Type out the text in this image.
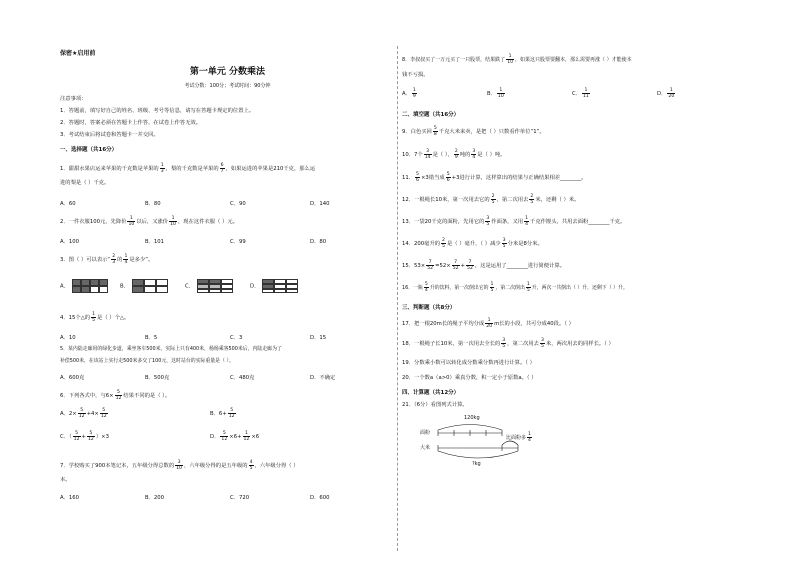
保密★启用前
第一单元 分数乘法
考试分数：100分；考试时间：90分钟
注意事项：
1．答题前，填写好自己的姓名、班级、考号等信息，请写在答题卡规定的位置上。
2．答题时，答案必须在答题卡上作答，在试卷上作答无效。
3．考试结束后将试卷和答题卡一并交回。
一、选择题（共16分）
1．甜甜水果店运来苹果的千克数是苹果的 $\frac{1}{3}$ ，梨的千克数是苹果的 $\frac{6}{7}$ ，如果运进的苹果是210千克，那么运
进的梨是（ ）千克。
A．60	B．80	C．90	D．140
2．一件衣服100元，先降价 $\frac{1}{10}$ 以后，又涨价 $\frac{1}{10}$ ，现在这件衣服（ ）元。
A．100	B．101	C．99	D．80
3．图（ ）可以表示“ $\frac{2}{3}$ 的 $\frac{1}{4}$ 是多少”。
A．	B．	C．	D．
4．15个△的 $\frac{1}{5}$ 是（ ）个△。
A．10	B．5	C．3	D．15
5．某内陆走廊用的绿化步道，乘坐客车500米，实际上只有400米，杨杨乘客500米后，内陆走廊为了
补偿500米，在该站上实行走500米多交了100元，这时站台的实际重量是（ ）。
A．600克	B．500克	C．480克	D．不确定
6．下列各式中，与$6\times \frac{5}{12}$ 结果不同的是（ ）。
A．$2\times \frac{5}{12} +4\times \frac{5}{12}$	B．$6+ \frac{5}{12}$
C．（ $\frac{5}{12} + \frac{5}{12} )\times 3$	D． $\frac{5}{12} \times 6+ \frac{1}{12} \times 6$
7．学校购买了900本笔记本，五年级分得总数的 $\frac{3}{10}$ ，六年级分得的是五年级的 $\frac{4}{5}$ ，六年级分得（ ）
本。
A．160	B．200	C．720	D．600
8．李叔叔买了一万元买了一只股票，结果跌了 $\frac{1}{10}$ ，如果这只股票要翻本，那么需要再涨（ ）才能使本
钱不亏损。
A． $\frac{1}{9}$	B． $\frac{1}{10}$	C． $\frac{1}{11}$	D． $\frac{1}{20}$
二、填空题（共16分）
9．白色买回 $\frac{5}{8}$ 千克大米来卖，是把（ ）只数看作单位“1”。
10．7个 $\frac{3}{14}$ 是（ ）， $\frac{2}{9}$ 吨的 $\frac{3}{4}$ 是（ ）吨。
11． $\frac{5}{6} \times 3$错当成 $\frac{5}{6} +3$进行计算，这样算出的结果与正确结果相差________。
12．一根绳长10米，第一次用去它的 $\frac{2}{5}$ ，第二次用去 $\frac{2}{5}$ 米，还剩（ ）米。
13．一袋20千克的面粉，先用它的 $\frac{3}{5}$ 作面条，又用 $\frac{1}{4}$ 千克作馒头，共用去面粉________千克。
14．200毫升的 $\frac{2}{5}$ 是（ ）毫升，（ ）减少 $\frac{3}{5}$ 分米是8分米。
15．$53\times \frac{7}{52} =52\times \frac{7}{52} + \frac{7}{52}$ ，这是运用了________进行简便计算。
16．一瓶 $\frac{5}{4}$ 升的饮料，第一次倒出它的 $\frac{1}{5}$ ，第二次倒出 $\frac{1}{5}$ 升，两次一共倒出（ ）升，还剩下（ ）升。
三、判断题（共8分）
17．把一根20m长的绳子平均分成 $\frac{1}{20}$ m长的小段，共可分成40段。（ ）
18．一根绳子长10米，第一次用去全长的 $\frac{3}{5}$ ，第二次用去 $\frac{3}{5}$ 米，两次用去的同样长。（ ）
19．分数乘小数可以转化成分数乘分数再进行计算。（ ）
20．一个数a（a>0）乘真分数，积一定小于原数a。（ ）
四、计算题（共12分）
21．（6分）看图列式计算。
120kg
面粉
大米
比面粉多 $\frac{1}{4}$
?kg
